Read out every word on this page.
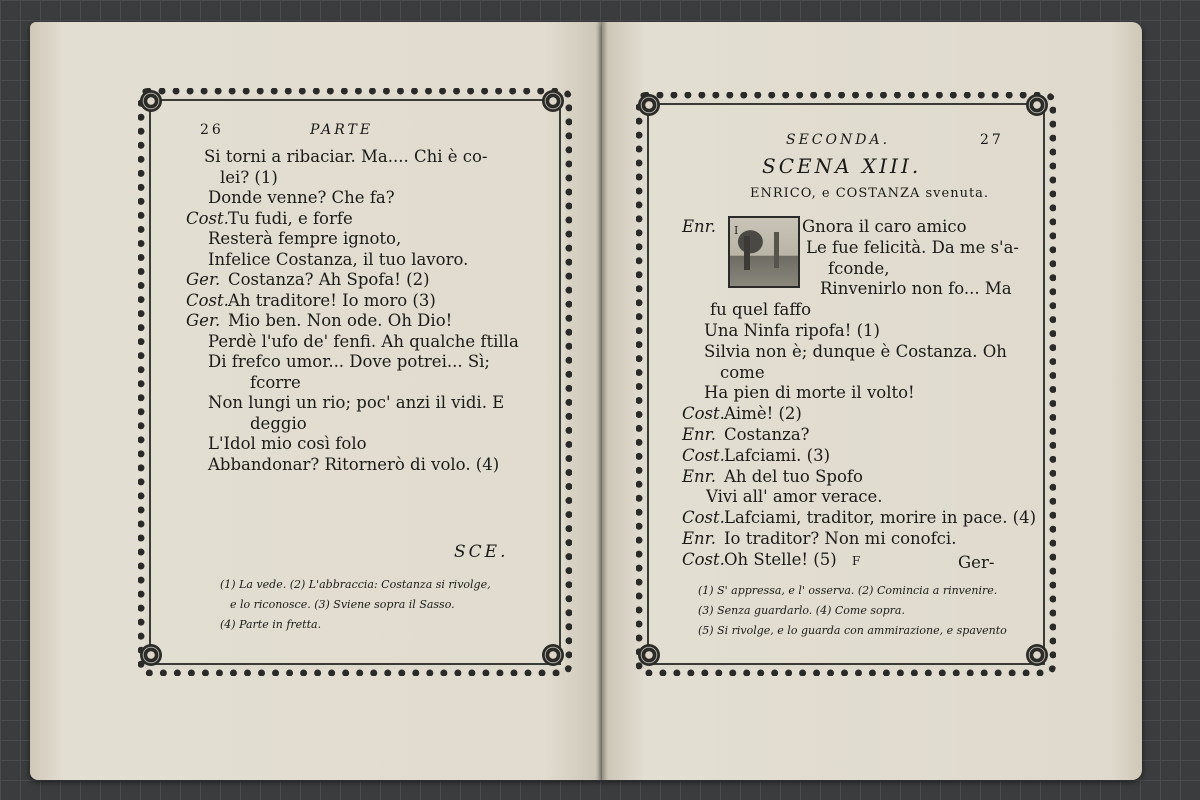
26	PARTE
Si torni a ribaciar. Ma.... Chi è co-
lei? (1)
Donde venne? Che fa?
Cost. Tu fudi, e forfe
Resterà fempre ignoto,
Infelice Costanza, il tuo lavoro.
Ger. Costanza? Ah Spofa! (2)
Cost. Ah traditore! Io moro (3)
Ger. Mio ben. Non ode. Oh Dio!
Perdè l'ufo de' fenfi. Ah qualche ftilla
Di frefco umor... Dove potrei... Sì;
fcorre
Non lungi un rio; poc' anzi il vidi. E
deggio
L'Idol mio così folo
Abbandonar? Ritornerò di volo. (4)
SCE.
(1) La vede. (2) L'abbraccia: Costanza si rivolge,
e lo riconosce. (3) Sviene sopra il Sasso.
(4) Parte in fretta.
SECONDA.	27
SCENA XIII.
ENRICO, e COSTANZA svenuta.
I
Enr.	Gnora il caro amico
Le fue felicità. Da me s'a-
fconde,
Rinvenirlo non fo... Ma
fu quel faffo
Una Ninfa ripofa! (1)
Silvia non è; dunque è Costanza. Oh
come
Ha pien di morte il volto!
Cost. Aimè! (2)
Enr. Costanza?
Cost. Lafciami. (3)
Enr. Ah del tuo Spofo
Vivi all' amor verace.
Cost. Lafciami, traditor, morire in pace. (4)
Enr. Io traditor? Non mi conofci.
Cost. Oh Stelle! (5) F	Ger-
(1) S' appressa, e l' osserva. (2) Comincia a rinvenire.
(3) Senza guardarlo. (4) Come sopra.
(5) Si rivolge, e lo guarda con ammirazione, e spavento
